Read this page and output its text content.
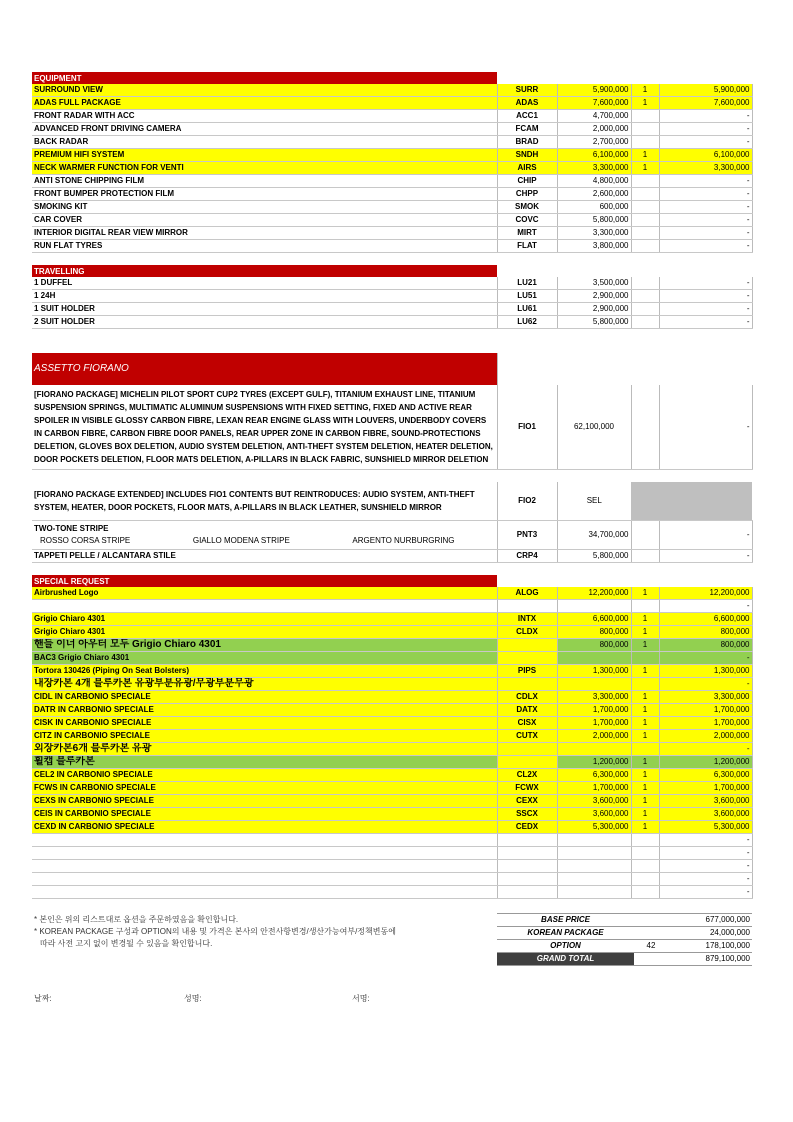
EQUIPMENT				
SURROUND VIEW	SURR	5,900,000	1	5,900,000
ADAS FULL PACKAGE	ADAS	7,600,000	1	7,600,000
FRONT RADAR WITH ACC	ACC1	4,700,000		-
ADVANCED FRONT DRIVING CAMERA	FCAM	2,000,000		-
BACK RADAR	BRAD	2,700,000		-
PREMIUM HIFI SYSTEM	SNDH	6,100,000	1	6,100,000
NECK WARMER FUNCTION FOR VENTI	AIRS	3,300,000	1	3,300,000
ANTI STONE CHIPPING FILM	CHIP	4,800,000		-
FRONT BUMPER PROTECTION FILM	CHPP	2,600,000		-
SMOKING KIT	SMOK	600,000		-
CAR COVER	COVC	5,800,000		-
INTERIOR DIGITAL REAR VIEW MIRROR	MIRT	3,300,000		-
RUN FLAT TYRES	FLAT	3,800,000		-

TRAVELLING				
1 DUFFEL	LU21	3,500,000		-
1 24H	LU51	2,900,000		-
1 SUIT HOLDER	LU61	2,900,000		-
2 SUIT HOLDER	LU62	5,800,000		-

ASSETTO FIORANO				
[FIORANO PACKAGE] MICHELIN PILOT SPORT CUP2 TYRES (EXCEPT GULF), TITANIUM EXHAUST LINE, TITANIUM SUSPENSION SPRINGS, MULTIMATIC ALUMINUM SUSPENSIONS WITH FIXED SETTING, FIXED AND ACTIVE REAR SPOILER IN VISIBLE GLOSSY CARBON FIBRE, LEXAN REAR ENGINE GLASS WITH LOUVERS, UNDERBODY COVERS IN CARBON FIBRE, CARBON FIBRE DOOR PANELS, REAR UPPER ZONE IN CARBON FIBRE, SOUND-PROTECTIONS DELETION, GLOVES BOX DELETION, AUDIO SYSTEM DELETION, ANTI-THEFT SYSTEM DELETION, HEATER DELETION, DOOR POCKETS DELETION, FLOOR MATS DELETION, A-PILLARS IN BLACK FABRIC, SUNSHIELD MIRROR DELETION	FIO1	62,100,000		-

[FIORANO PACKAGE EXTENDED] INCLUDES FIO1 CONTENTS BUT REINTRODUCES: AUDIO SYSTEM, ANTI-THEFT SYSTEM, HEATER, DOOR POCKETS, FLOOR MATS, A-PILLARS IN BLACK LEATHER, SUNSHIELD MIRROR	FIO2	SEL		

TWO-TONE STRIPE
ROSSO CORSA STRIPE GIALLO MODENA STRIPE ARGENTO NURBURGRING	PNT3	34,700,000		-
TAPPETI PELLE / ALCANTARA STILE	CRP4	5,800,000		-

SPECIAL REQUEST				
Airbrushed Logo	ALOG	12,200,000	1	12,200,000
				-
Grigio Chiaro 4301	INTX	6,600,000	1	6,600,000
Grigio Chiaro 4301	CLDX	800,000	1	800,000
핸들 이너 아우터 모두 Grigio Chiaro 4301		800,000	1	800,000
BAC3 Grigio Chiaro 4301				-
Tortora 130426 (Piping On Seat Bolsters)	PIPS	1,300,000	1	1,300,000
내장카본 4개 블루카본 유광부분유광/무광부분무광				-
CIDL IN CARBONIO SPECIALE	CDLX	3,300,000	1	3,300,000
DATR IN CARBONIO SPECIALE	DATX	1,700,000	1	1,700,000
CISK IN CARBONIO SPECIALE	CISX	1,700,000	1	1,700,000
CITZ IN CARBONIO SPECIALE	CUTX	2,000,000	1	2,000,000
외장카본6개 블루카본 유광				-
휠캡 블루카본		1,200,000	1	1,200,000
CEL2 IN CARBONIO SPECIALE	CL2X	6,300,000	1	6,300,000
FCWS IN CARBONIO SPECIALE	FCWX	1,700,000	1	1,700,000
CEXS IN CARBONIO SPECIALE	CEXX	3,600,000	1	3,600,000
CEIS IN CARBONIO SPECIALE	SSCX	3,600,000	1	3,600,000
CEXD IN CARBONIO SPECIALE	CEDX	5,300,000	1	5,300,000
				-
				-
				-
				-
				-
* 본인은 위의 리스트대로 옵션을 주문하였음을 확인합니다.
* KOREAN PACKAGE 구성과 OPTION의 내용 및 가격은 본사의 안전사항변경/생산가능여부/정책변동에
따라 사전 고지 없이 변경될 수 있음을 확인합니다.
BASE PRICE		677,000,000
KOREAN PACKAGE		24,000,000
OPTION	42	178,100,000
GRAND TOTAL		879,100,000
날짜:	성명:	서명:
